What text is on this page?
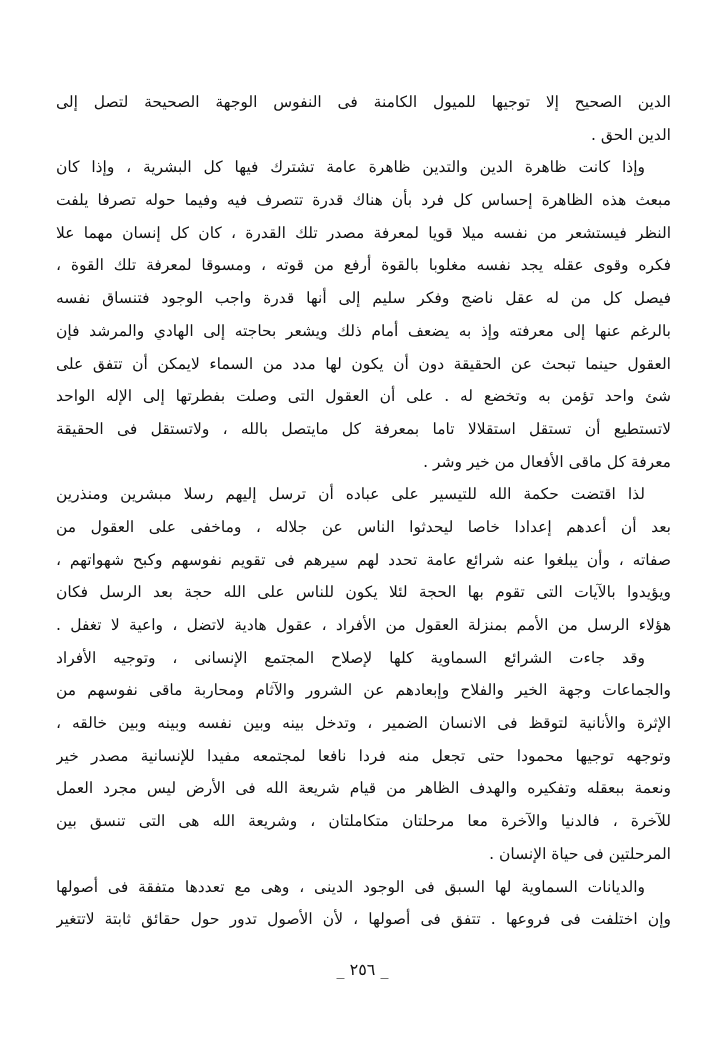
الدين الصحيح إلا توجيها للميول الكامنة فى النفوس الوجهة الصحيحة لتصل إلى
الدين الحق .
وإذا كانت ظاهرة الدين والتدين ظاهرة عامة تشترك فيها كل البشرية ، وإذا كان
مبعث هذه الظاهرة إحساس كل فرد بأن هناك قدرة تتصرف فيه وفيما حوله تصرفا يلفت
النظر فيستشعر من نفسه ميلا قويا لمعرفة مصدر تلك القدرة ، كان كل إنسان مهما علا
فكره وقوى عقله يجد نفسه مغلوبا بالقوة أرفع من قوته ، ومسوقا لمعرفة تلك القوة ،
فيصل كل من له عقل ناضج وفكر سليم إلى أنها قدرة واجب الوجود فتنساق نفسه
بالرغم عنها إلى معرفته وإذ به يضعف أمام ذلك ويشعر بحاجته إلى الهادي والمرشد فإن
العقول حينما تبحث عن الحقيقة دون أن يكون لها مدد من السماء لايمكن أن تتفق على
شئ واحد تؤمن به وتخضع له . على أن العقول التى وصلت بفطرتها إلى الإله الواحد
لاتستطيع أن تستقل استقلالا تاما بمعرفة كل مايتصل بالله ، ولاتستقل فى الحقيقة
معرفة كل ماقى الأفعال من خير وشر .
لذا اقتضت حكمة الله للتيسير على عباده أن ترسل إليهم رسلا مبشرين ومنذرين
بعد أن أعدهم إعدادا خاصا ليحدثوا الناس عن جلاله ، وماخفى على العقول من
صفاته ، وأن يبلغوا عنه شرائع عامة تحدد لهم سيرهم فى تقويم نفوسهم وكبح شهواتهم ،
ويؤيدوا بالآيات التى تقوم بها الحجة لئلا يكون للناس على الله حجة بعد الرسل فكان
هؤلاء الرسل من الأمم بمنزلة العقول من الأفراد ، عقول هادية لاتضل ، واعية لا تغفل .
وقد جاءت الشرائع السماوية كلها لإصلاح المجتمع الإنسانى ، وتوجيه الأفراد
والجماعات وجهة الخير والفلاح وإبعادهم عن الشرور والآثام ومحاربة ماقى نفوسهم من
الإثرة والأنانية لتوقظ فى الانسان الضمير ، وتدخل بينه وبين نفسه وبينه وبين خالقه ،
وتوجهه توجيها محمودا حتى تجعل منه فردا نافعا لمجتمعه مفيدا للإنسانية مصدر خير
ونعمة ببعقله وتفكيره والهدف الظاهر من قيام شريعة الله فى الأرض ليس مجرد العمل
للآخرة ، فالدنيا والآخرة معا مرحلتان متكاملتان ، وشريعة الله هى التى تنسق بين
المرحلتين فى حياة الإنسان .
والديانات السماوية لها السبق فى الوجود الدينى ، وهى مع تعددها متفقة فى أصولها
وإن اختلفت فى فروعها . تتفق فى أصولها ، لأن الأصول تدور حول حقائق ثابتة لاتتغير
_ ٢٥٦ _
